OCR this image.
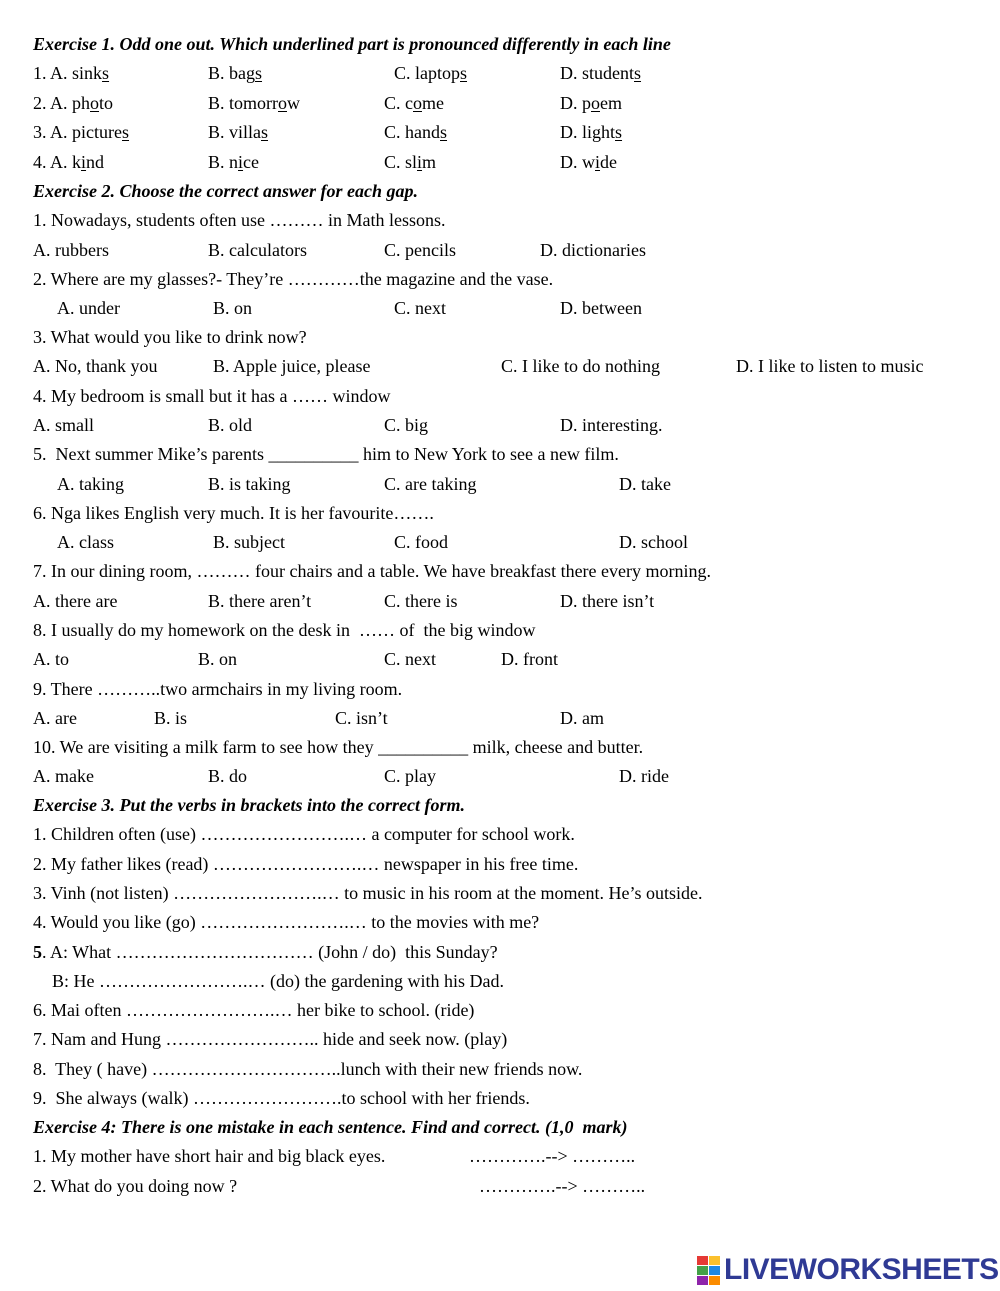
Exercise 1. Odd one out. Which underlined part is pronounced differently in each line
1. A. sinks	B. bags	C. laptops	D. students
2. A. photo	B. tomorrow	C. come	D. poem
3. A. pictures	B. villas	C. hands	D. lights
4. A. kind	B. nice	C. slim	D. wide
Exercise 2. Choose the correct answer for each gap.
1. Nowadays, students often use ……… in Math lessons.
A. rubbers	B. calculators	C. pencils	D. dictionaries
2. Where are my glasses?- They’re …………the magazine and the vase.
A. under	B. on	C. next	D. between
3. What would you like to drink now?
A. No, thank you	B. Apple juice, please	C. I like to do nothing	D. I like to listen to music
4. My bedroom is small but it has a …… window
A. small	B. old	C. big	D. interesting.
5.  Next summer Mike’s parents __________ him to New York to see a new film.
A. taking	B. is taking	C. are taking	D. take
6. Nga likes English very much. It is her favourite…….
A. class	B. subject	C. food	D. school
7. In our dining room, ……… four chairs and a table. We have breakfast there every morning.
A. there are	B. there aren’t	C. there is	D. there isn’t
8. I usually do my homework on the desk in  …… of  the big window
A. to	B. on	C. next	D. front
9. There ………..two armchairs in my living room.
A. are	B. is	C. isn’t	D. am
10. We are visiting a milk farm to see how they __________ milk, cheese and butter.
A. make	B. do	C. play	D. ride
Exercise 3. Put the verbs in brackets into the correct form.
1. Children often (use) …………………….… a computer for school work.
2. My father likes (read) …………………….… newspaper in his free time.
3. Vinh (not listen) …………………….… to music in his room at the moment. He’s outside.
4. Would you like (go) …………………….… to the movies with me?
5. A: What …………………………… (John / do)  this Sunday?
B: He …………………….… (do) the gardening with his Dad.
6. Mai often …………………….… her bike to school. (ride)
7. Nam and Hung …………………….. hide and seek now. (play)
8.  They ( have) …………………………..lunch with their new friends now.
9.  She always (walk) …………………….to school with her friends.
Exercise 4: There is one mistake in each sentence. Find and correct. (1,0  mark)
1. My mother have short hair and big black eyes.	………….--> ………..
2. What do you doing now ?	………….--> ………..
LIVEWORKSHEETS
